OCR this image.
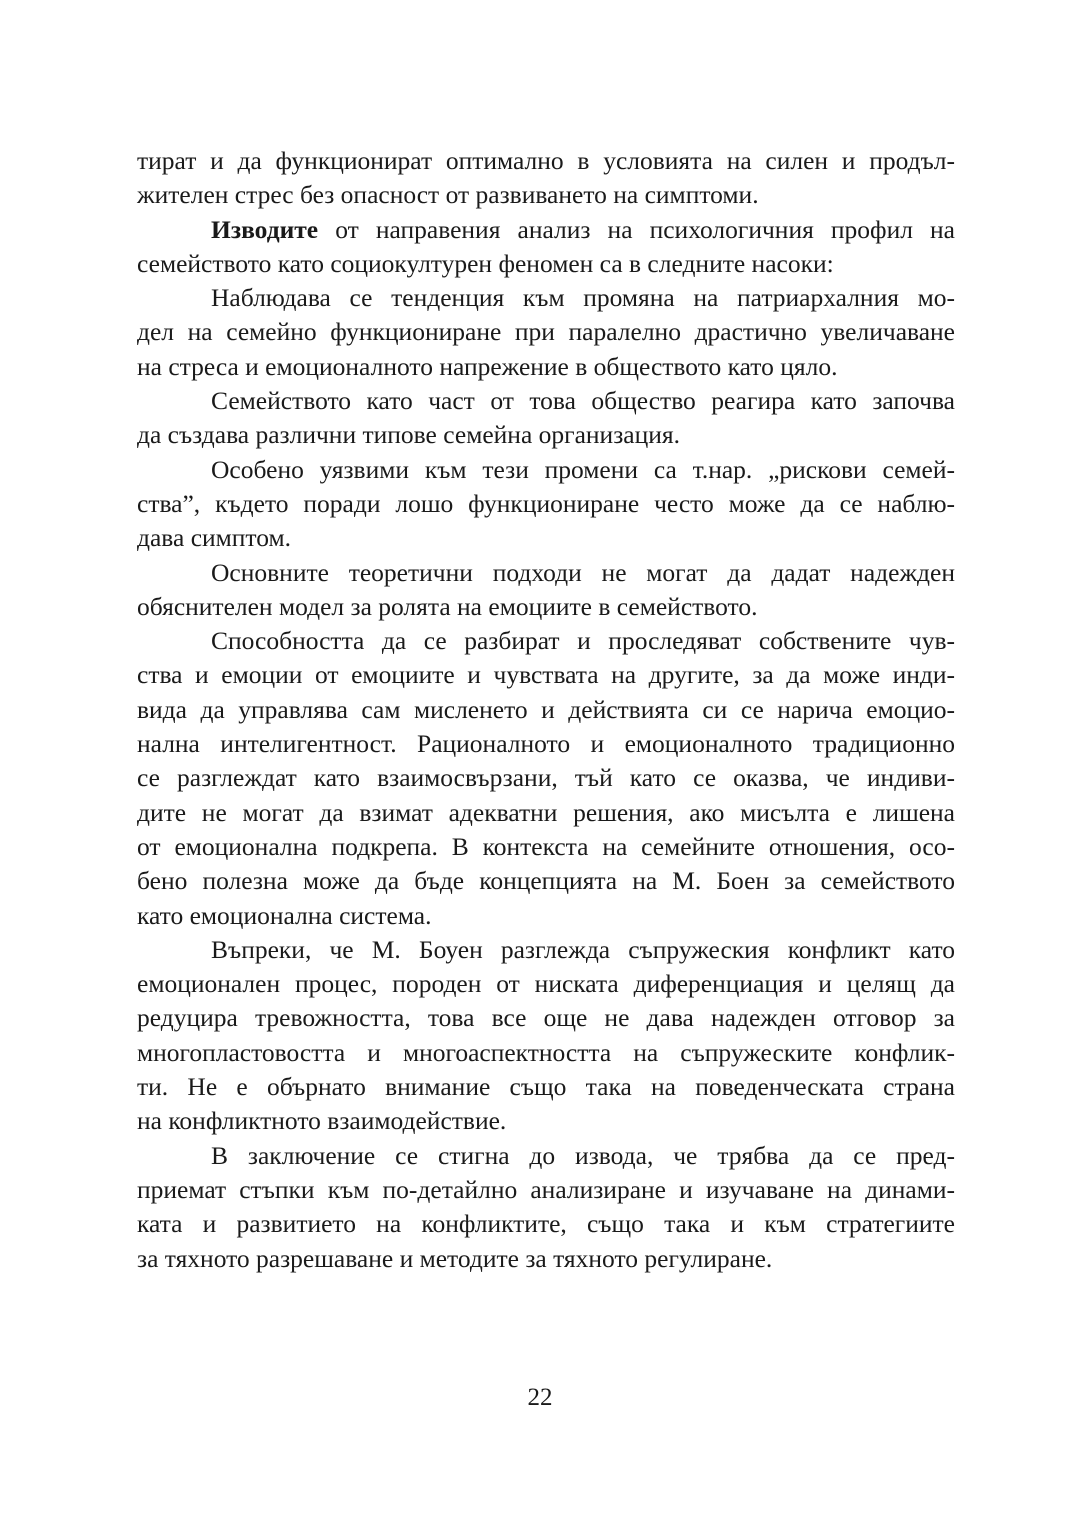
тират и да функционират оптимално в условията на силен и продъл-
жителен стрес без опасност от развиването на симптоми.
Изводите от направения анализ на психологичния профил на
семейството като социокултурен феномен са в следните насоки:
Наблюдава се тенденция към промяна на патриархалния мо-
дел на семейно функциониране при паралелно драстично увеличаване
на стреса и емоционалното напрежение в обществото като цяло.
Семейството като част от това общество реагира като започва
да създава различни типове семейна организация.
Особено уязвими към тези промени са т.нар. „рискови семей-
ства”, където поради лошо функциониране често може да се наблю-
дава симптом.
Основните теоретични подходи не могат да дадат надежден
обяснителен модел за ролята на емоциите в семейството.
Способността да се разбират и проследяват собствените чув-
ства и емоции от емоциите и чувствата на другите, за да може инди-
вида да управлява сам мисленето и действията си се нарича емоцио-
нална интелигентност. Рационалното и емоционалното традиционно
се разглеждат като взаимосвързани, тъй като се оказва, че индиви-
дите не могат да взимат адекватни решения, ако мисълта е лишена
от емоционална подкрепа. В контекста на семейните отношения, осо-
бено полезна може да бъде концепцията на М. Боен за семейството
като емоционална система.
Въпреки, че М. Боуен разглежда съпружеския конфликт като
емоционален процес, породен от ниската диференциация и целящ да
редуцира тревожността, това все още не дава надежден отговор за
многопластовостта и многоаспектността на съпружеските конфлик-
ти. Не е обърнато внимание също така на поведенческата страна
на конфликтното взаимодействие.
В заключение се стигна до извода, че трябва да се пред-
приемат стъпки към по-детайлно анализиране и изучаване на динами-
ката и развитието на конфликтите, също така и към стратегиите
за тяхното разрешаване и методите за тяхното регулиране.
22
